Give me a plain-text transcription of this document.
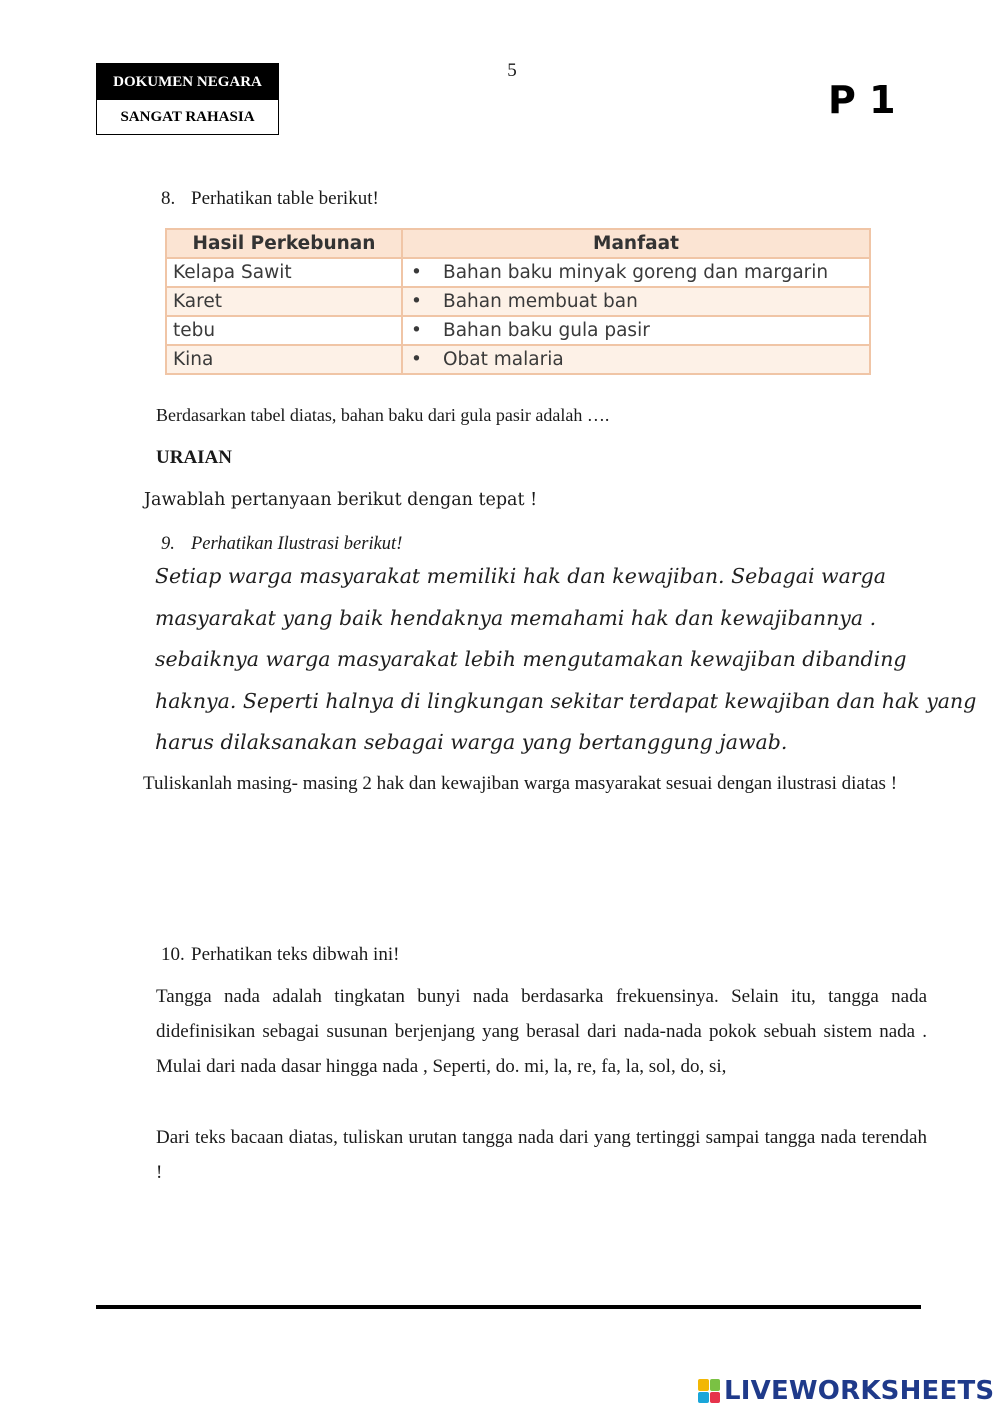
DOKUMEN NEGARA
SANGAT RAHASIA
5
P 1
8. Perhatikan table berikut!
Hasil Perkebunan	Manfaat
Kelapa Sawit	• Bahan baku minyak goreng dan margarin
Karet	• Bahan membuat ban
tebu	• Bahan baku gula pasir
Kina	• Obat malaria
Berdasarkan tabel diatas, bahan baku dari gula pasir adalah ….
URAIAN
Jawablah pertanyaan berikut dengan tepat !
9. Perhatikan Ilustrasi berikut!
Setiap warga masyarakat memiliki hak dan kewajiban. Sebagai warga
masyarakat yang baik hendaknya memahami hak dan kewajibannya .
sebaiknya warga masyarakat lebih mengutamakan kewajiban dibanding
haknya. Seperti halnya di lingkungan sekitar terdapat kewajiban dan hak yang
harus dilaksanakan sebagai warga yang bertanggung jawab.
Tuliskanlah masing- masing 2 hak dan kewajiban warga masyarakat sesuai dengan ilustrasi diatas !
10. Perhatikan teks dibwah ini!
Tangga nada adalah tingkatan bunyi nada berdasarka frekuensinya. Selain itu, tangga nada didefinisikan sebagai susunan berjenjang yang berasal dari nada-nada pokok sebuah sistem nada . Mulai dari nada dasar hingga nada , Seperti, do. mi, la, re, fa, la, sol, do, si,
Dari teks bacaan diatas, tuliskan urutan tangga nada dari yang tertinggi sampai tangga nada terendah !
LIVEWORKSHEETS
